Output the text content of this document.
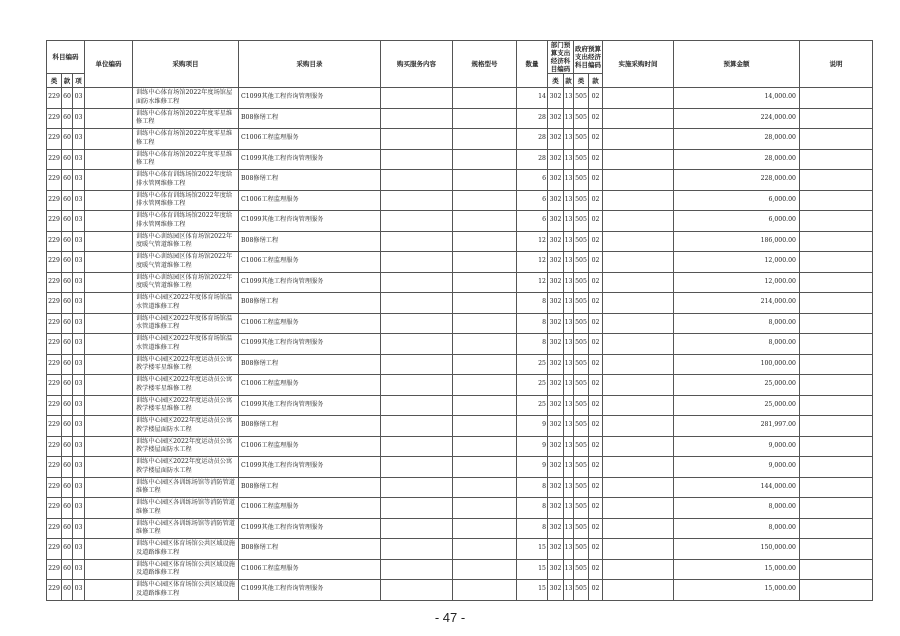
科目编码			单位编码	采购项目	采购目录	购买服务内容	规格型号	数量	部门预算支出经济科目编码		政府预算支出经济科目编码		实施采购时间	预算金额	说明
类	款	项							类	款	类	款			
229	60	03		训练中心体育场馆2022年度场馆屋面防水维修工程	C1099其他工程咨询管理服务			14	302	13	505	02		14,000.00	
229	60	03		训练中心体育场馆2022年度零星维修工程	B08修缮工程			28	302	13	505	02		224,000.00	
229	60	03		训练中心体育场馆2022年度零星维修工程	C1006工程监理服务			28	302	13	505	02		28,000.00	
229	60	03		训练中心体育场馆2022年度零星维修工程	C1099其他工程咨询管理服务			28	302	13	505	02		28,000.00	
229	60	03		训练中心体育训练场馆2022年度给排水管网维修工程	B08修缮工程			6	302	13	505	02		228,000.00	
229	60	03		训练中心体育训练场馆2022年度给排水管网维修工程	C1006工程监理服务			6	302	13	505	02		6,000.00	
229	60	03		训练中心体育训练场馆2022年度给排水管网维修工程	C1099其他工程咨询管理服务			6	302	13	505	02		6,000.00	
229	60	03		训练中心训练园区体育场馆2022年度暖气管道维修工程	B08修缮工程			12	302	13	505	02		186,000.00	
229	60	03		训练中心训练园区体育场馆2022年度暖气管道维修工程	C1006工程监理服务			12	302	13	505	02		12,000.00	
229	60	03		训练中心训练园区体育场馆2022年度暖气管道维修工程	C1099其他工程咨询管理服务			12	302	13	505	02		12,000.00	
229	60	03		训练中心园区2022年度体育场馆温水管道维修工程	B08修缮工程			8	302	13	505	02		214,000.00	
229	60	03		训练中心园区2022年度体育场馆温水管道维修工程	C1006工程监理服务			8	302	13	505	02		8,000.00	
229	60	03		训练中心园区2022年度体育场馆温水管道维修工程	C1099其他工程咨询管理服务			8	302	13	505	02		8,000.00	
229	60	03		训练中心园区2022年度运动员公寓教学楼零星维修工程	B08修缮工程			25	302	13	505	02		100,000.00	
229	60	03		训练中心园区2022年度运动员公寓教学楼零星维修工程	C1006工程监理服务			25	302	13	505	02		25,000.00	
229	60	03		训练中心园区2022年度运动员公寓教学楼零星维修工程	C1099其他工程咨询管理服务			25	302	13	505	02		25,000.00	
229	60	03		训练中心园区2022年度运动员公寓教学楼屋面防水工程	B08修缮工程			9	302	13	505	02		281,997.00	
229	60	03		训练中心园区2022年度运动员公寓教学楼屋面防水工程	C1006工程监理服务			9	302	13	505	02		9,000.00	
229	60	03		训练中心园区2022年度运动员公寓教学楼屋面防水工程	C1099其他工程咨询管理服务			9	302	13	505	02		9,000.00	
229	60	03		训练中心园区各训练场馆等消防管道维修工程	B08修缮工程			8	302	13	505	02		144,000.00	
229	60	03		训练中心园区各训练场馆等消防管道维修工程	C1006工程监理服务			8	302	13	505	02		8,000.00	
229	60	03		训练中心园区各训练场馆等消防管道维修工程	C1099其他工程咨询管理服务			8	302	13	505	02		8,000.00	
229	60	03		训练中心园区体育场馆公共区域设施及道路维修工程	B08修缮工程			15	302	13	505	02		150,000.00	
229	60	03		训练中心园区体育场馆公共区域设施及道路维修工程	C1006工程监理服务			15	302	13	505	02		15,000.00	
229	60	03		训练中心园区体育场馆公共区域设施及道路维修工程	C1099其他工程咨询管理服务			15	302	13	505	02		15,000.00	
- 47 -
